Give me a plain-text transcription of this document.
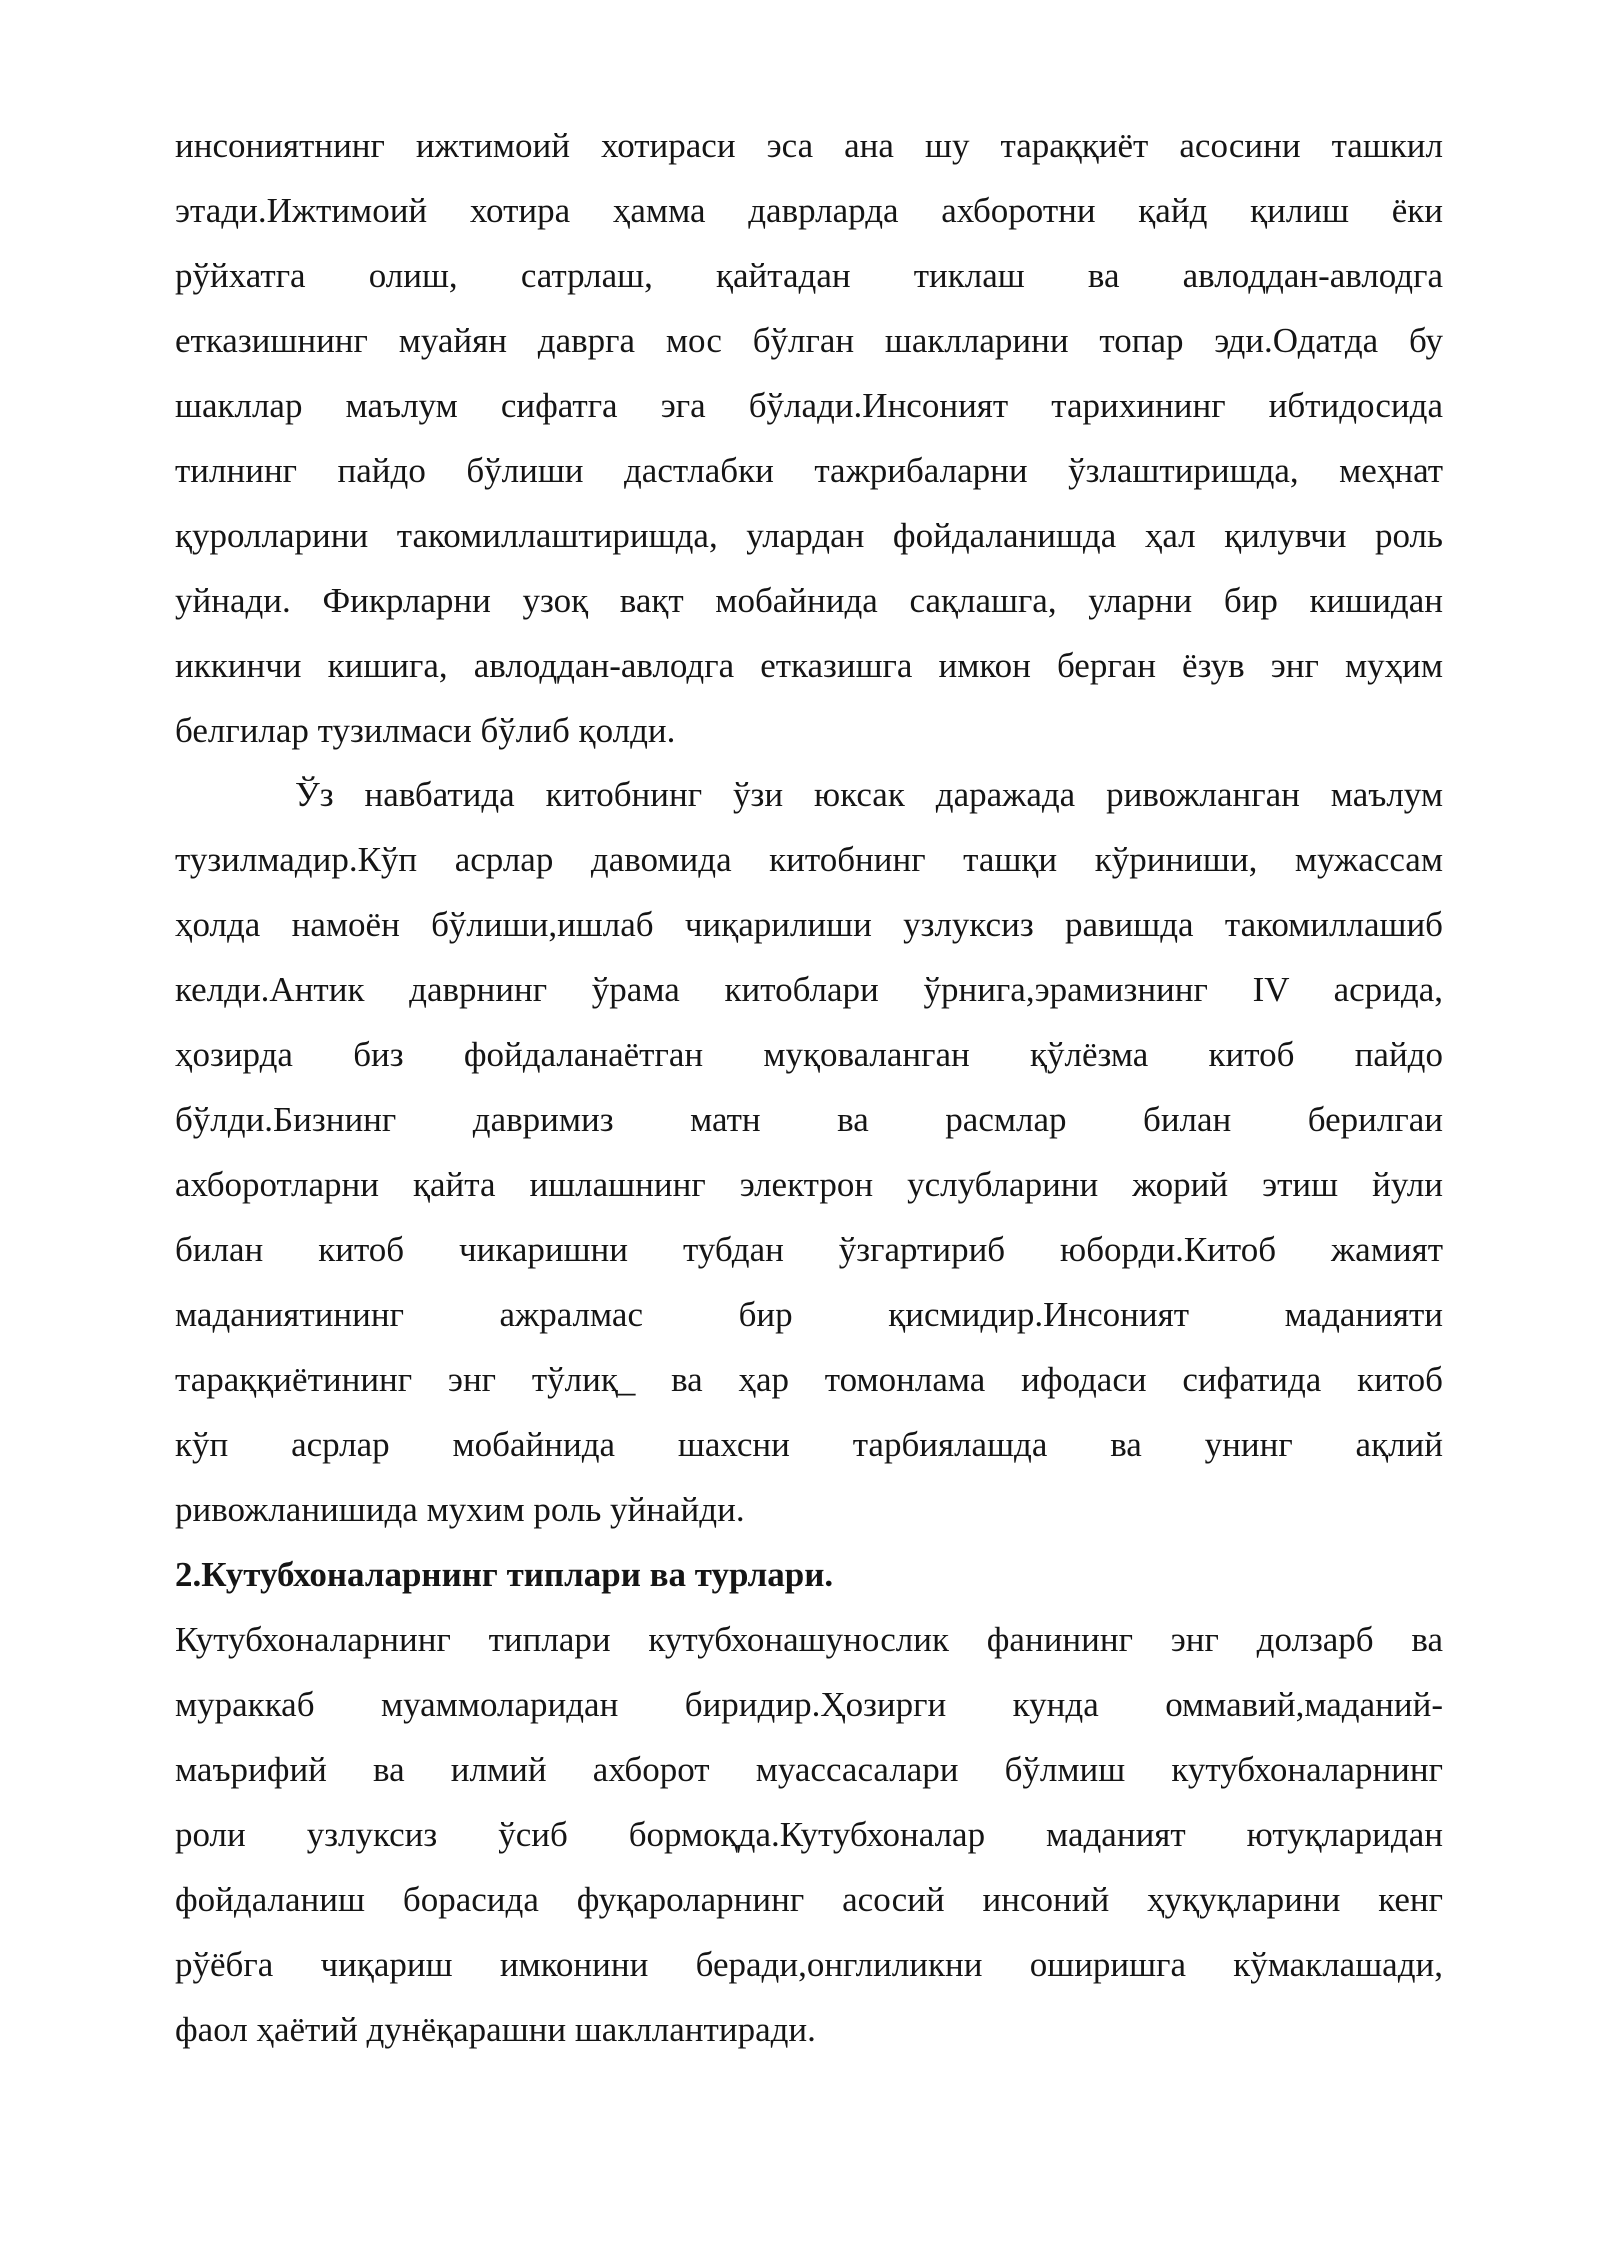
инсониятнинг ижтимоий хотираси эса ана шу тараққиёт асосини ташкил
этади.Ижтимоий хотира ҳамма даврларда ахборотни қайд қилиш ёки
рўйхатга олиш, сатрлаш, қайтадан тиклаш ва авлоддан-авлодга
етказишнинг муайян даврга мос бўлган шаклларини топар эди.Одатда бу
шакллар маълум сифатга эга бўлади.Инсоният тарихининг ибтидосида
тилнинг пайдо бўлиши дастлабки тажрибаларни ўзлаштиришда, меҳнат
қуролларини такомиллаштиришда, улардан фойдаланишда ҳал қилувчи роль
уйнади. Фикрларни узоқ вақт мобайнида сақлашга, уларни бир кишидан
иккинчи кишига, авлоддан-авлодга етказишга имкон берган ёзув энг муҳим
белгилар тузилмаси бўлиб қолди.
Ўз навбатида китобнинг ўзи юксак даражада ривожланган маълум
тузилмадир.Кўп асрлар давомида китобнинг ташқи кўриниши, мужассам
ҳолда намоён бўлиши,ишлаб чиқарилиши узлуксиз равишда такомиллашиб
келди.Антик даврнинг ўрама китоблари ўрнига,эрамизнинг IV асрида,
ҳозирда биз фойдаланаётган муқоваланган қўлёзма китоб пайдо
бўлди.Бизнинг давримиз матн ва расмлар билан берилгаи
ахборотларни қайта ишлашнинг электрон услубларини жорий этиш йули
билан китоб чикаришни тубдан ўзгартириб юборди.Китоб жамият
маданиятининг ажралмас бир қисмидир.Инсоният маданияти
тараққиётининг энг тўлиқ_ ва ҳар томонлама ифодаси сифатида китоб
кўп асрлар мобайнида шахсни тарбиялашда ва унинг ақлий
ривожланишида мухим роль уйнайди.
2.Кутубхоналарнинг типлари ва турлари.
Кутубхоналарнинг типлари кутубхонашунослик фанининг энг долзарб ва
мураккаб муаммоларидан биридир.Ҳозирги кунда оммавий,маданий-
маърифий ва илмий ахборот муассасалари бўлмиш кутубхоналарнинг
роли узлуксиз ўсиб бормоқда.Кутубхоналар маданият ютуқларидан
фойдаланиш борасида фуқароларнинг асосий инсоний ҳуқуқларини кенг
рўёбга чиқариш имконини беради,онглиликни оширишга кўмаклашади,
фаол ҳаётий дунёқарашни шакллантиради.
